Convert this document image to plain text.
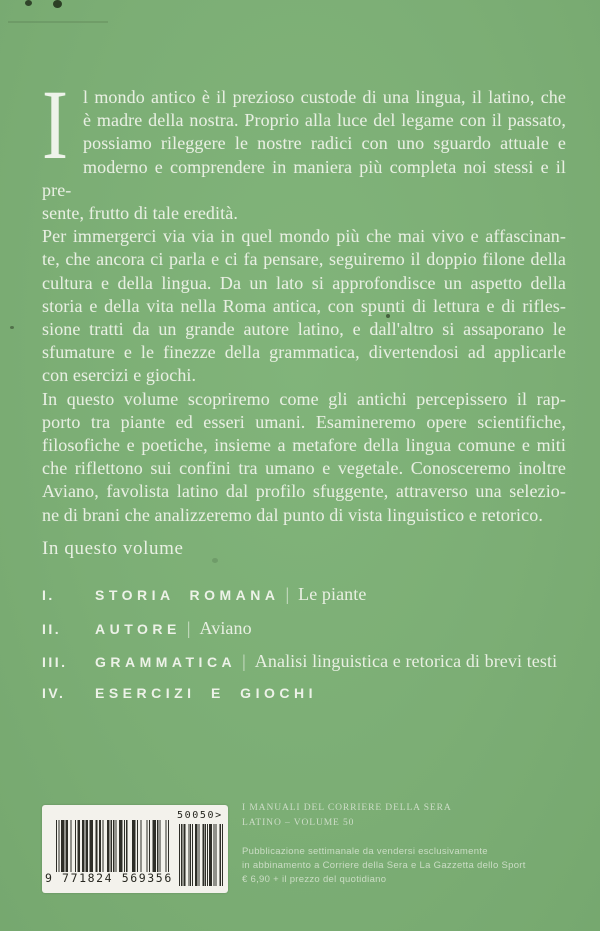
I l mondo antico è il prezioso custode di una lingua, il latino, che
è madre della nostra. Proprio alla luce del legame con il passato,
possiamo rileggere le nostre radici con uno sguardo attuale e
moderno e comprendere in maniera più completa noi stessi e il pre-
sente, frutto di tale eredità.
Per immergerci via via in quel mondo più che mai vivo e affascinan-
te, che ancora ci parla e ci fa pensare, seguiremo il doppio filone della
cultura e della lingua. Da un lato si approfondisce un aspetto della
storia e della vita nella Roma antica, con spunti di lettura e di rifles-
sione tratti da un grande autore latino, e dall'altro si assaporano le
sfumature e le finezze della grammatica, divertendosi ad applicarle
con esercizi e giochi.
In questo volume scopriremo come gli antichi percepissero il rap-
porto tra piante ed esseri umani. Esamineremo opere scientifiche,
filosofiche e poetiche, insieme a metafore della lingua comune e miti
che riflettono sui confini tra umano e vegetale. Conosceremo inoltre
Aviano, favolista latino dal profilo sfuggente, attraverso una selezio-
ne di brani che analizzeremo dal punto di vista linguistico e retorico.
In questo volume
I.	STORIA ROMANA | Le piante
II.	AUTORE | Aviano
III.	GRAMMATICA | Analisi linguistica e retorica di brevi testi
IV.	ESERCIZI E GIOCHI
50050>
9 771824 569356
I MANUALI DEL CORRIERE DELLA SERA
LATINO – VOLUME 50
Pubblicazione settimanale da vendersi esclusivamente
in abbinamento a Corriere della Sera e La Gazzetta dello Sport
€ 6,90 + il prezzo del quotidiano
